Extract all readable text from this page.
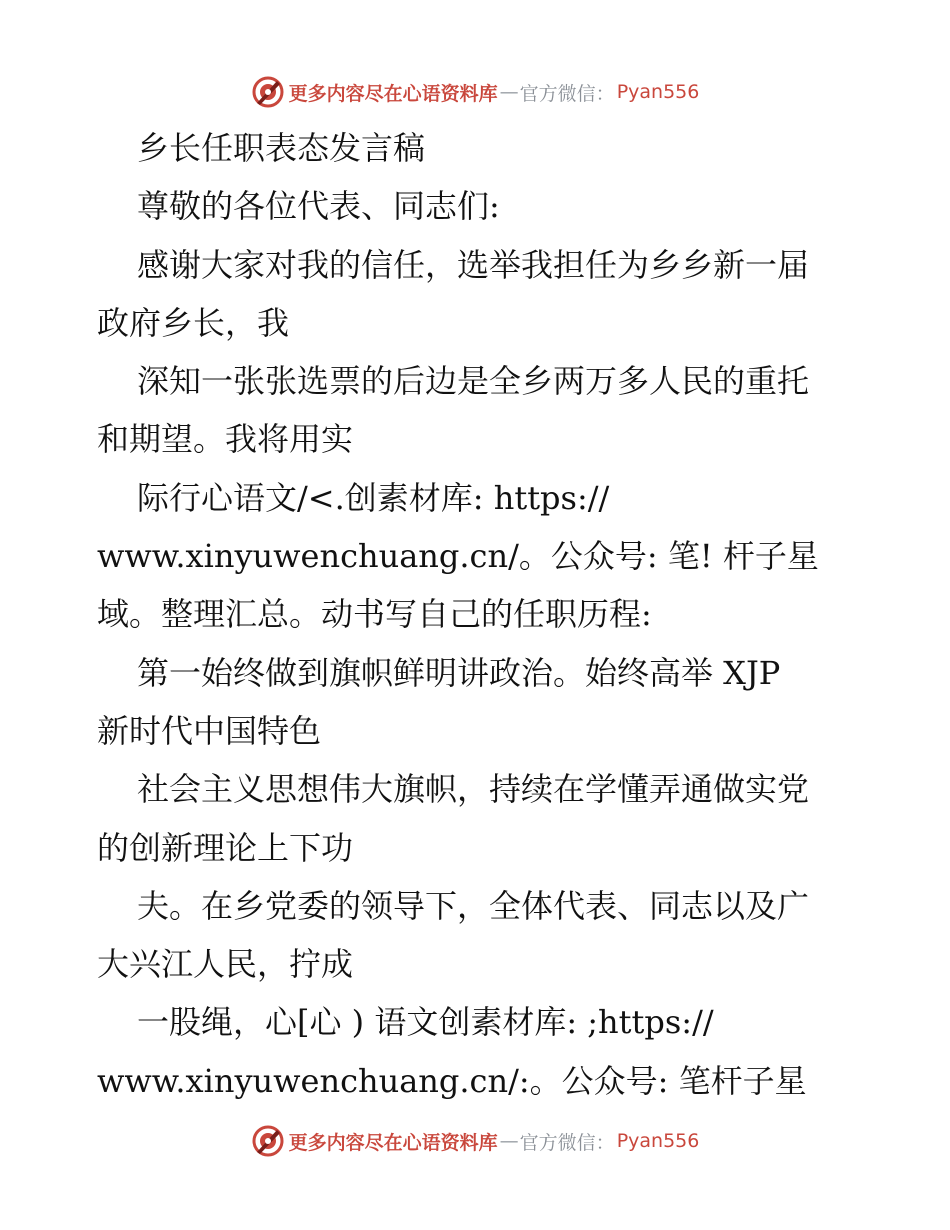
更多内容尽在心语资料库 — 官方微信： Pyan556
乡长任职表态发言稿
尊敬的各位代表、同志们:
感谢大家对我的信任，选举我担任为乡乡新一届
政府乡长，我
深知一张张选票的后边是全乡两万多人民的重托
和期望。我将用实
际行心语文/<.创素材库: https://
www.xinyuwenchuang.cn/。公众号: 笔! 杆子星
域。整理汇总。动书写自己的任职历程:
第一始终做到旗帜鲜明讲政治。始终高举 XJP
新时代中国特色
社会主义思想伟大旗帜，持续在学懂弄通做实党
的创新理论上下功
夫。在乡党委的领导下，全体代表、同志以及广
大兴江人民，拧成
一股绳，心[心 ) 语文创素材库: ;https://
www.xinyuwenchuang.cn/:。公众号: 笔杆子星
更多内容尽在心语资料库 — 官方微信： Pyan556
